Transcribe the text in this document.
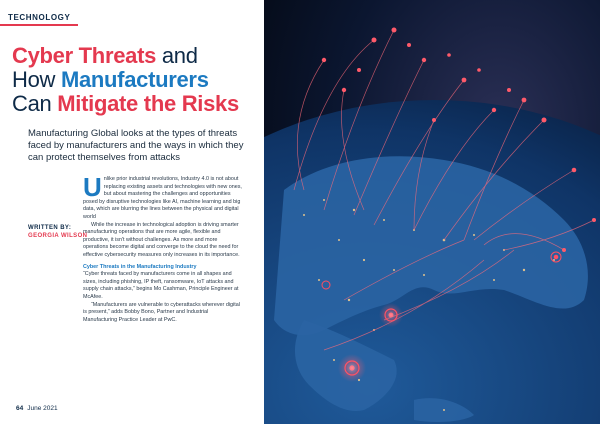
TECHNOLOGY
Cyber Threats and
How Manufacturers
Can Mitigate the Risks
Manufacturing Global looks at the types of threats faced by manufacturers and the ways in which they can protect themselves from attacks
WRITTEN BY:
GEORGIA WILSON
U nlike prior industrial revolutions, Industry 4.0 is not about replacing existing assets and technologies with new ones, but about mastering the challenges and opportunities posed by disruptive technologies like AI, machine learning and big data, which are blurring the lines between the physical and digital world

While the increase in technological adoption is driving smarter manufacturing operations that are more agile, flexible and productive, it isn't without challenges. As more and more operations become digital and converge to the cloud the need for effective cybersecurity measures only increases in its importance.

Cyber Threats in the Manufacturing Industry

“Cyber threats faced by manufacturers come in all shapes and sizes, including phishing, IP theft, ransomware, IoT attacks and supply chain attacks,” begins Mo Cashman, Principle Engineer at McAfee.

“Manufacturers are vulnerable to cyberattacks wherever digital is present,” adds Bobby Bono, Partner and Industrial Manufacturing Practice Leader at PwC.

64 June 2021
